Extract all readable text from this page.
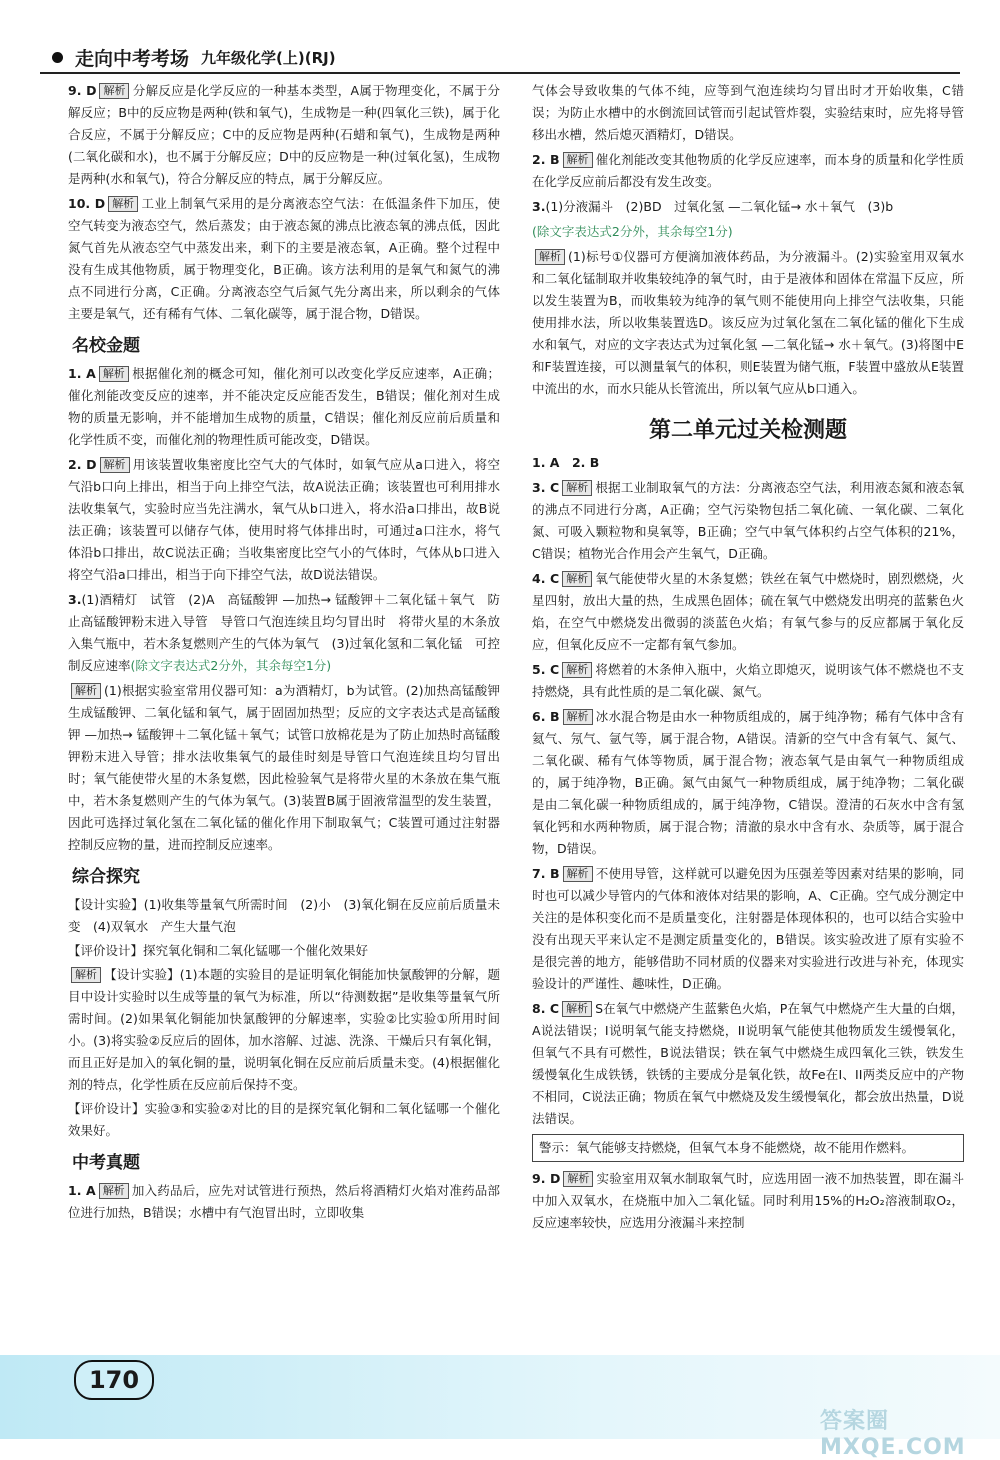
走向中考考场 九年级化学(上)(RJ)

9. D 解析 分解反应是化学反应的一种基本类型，A属于物理变化，不属于分解反应；B中的反应物是两种(铁和氧气)，生成物是一种(四氧化三铁)，属于化合反应，不属于分解反应；C中的反应物是两种(石蜡和氧气)，生成物是两种(二氧化碳和水)，也不属于分解反应；D中的反应物是一种(过氧化氢)，生成物是两种(水和氧气)，符合分解反应的特点，属于分解反应。

10. D 解析 工业上制氧气采用的是分离液态空气法：在低温条件下加压，使空气转变为液态空气，然后蒸发；由于液态氮的沸点比液态氧的沸点低，因此氮气首先从液态空气中蒸发出来，剩下的主要是液态氧，A正确。整个过程中没有生成其他物质，属于物理变化，B正确。该方法利用的是氧气和氮气的沸点不同进行分离，C正确。分离液态空气后氮气先分离出来，所以剩余的气体主要是氧气，还有稀有气体、二氧化碳等，属于混合物，D错误。

名校金题

1. A 解析 根据催化剂的概念可知，催化剂可以改变化学反应速率，A正确；催化剂能改变反应的速率，并不能决定反应能否发生，B错误；催化剂对生成物的质量无影响，并不能增加生成物的质量，C错误；催化剂反应前后质量和化学性质不变，而催化剂的物理性质可能改变，D错误。

2. D 解析 用该装置收集密度比空气大的气体时，如氧气应从a口进入，将空气沿b口向上排出，相当于向上排空气法，故A说法正确；该装置也可利用排水法收集氧气，实验时应当先注满水，氧气从b口进入，将水沿a口排出，故B说法正确；该装置可以储存气体，使用时将气体排出时，可通过a口注水，将气体沿b口排出，故C说法正确；当收集密度比空气小的气体时，气体从b口进入将空气沿a口排出，相当于向下排空气法，故D说法错误。

3.(1)酒精灯　试管　(2)A　高锰酸钾 —加热→ 锰酸钾＋二氧化锰＋氧气　防止高锰酸钾粉末进入导管　导管口气泡连续且均匀冒出时　将带火星的木条放入集气瓶中，若木条复燃则产生的气体为氧气　(3)过氧化氢和二氧化锰　可控制反应速率(除文字表达式2分外，其余每空1分)

解析 (1)根据实验室常用仪器可知：a为酒精灯，b为试管。(2)加热高锰酸钾生成锰酸钾、二氧化锰和氧气，属于固固加热型；反应的文字表达式是高锰酸钾 —加热→ 锰酸钾＋二氧化锰＋氧气；试管口放棉花是为了防止加热时高锰酸钾粉末进入导管；排水法收集氧气的最佳时刻是导管口气泡连续且均匀冒出时；氧气能使带火星的木条复燃，因此检验氧气是将带火星的木条放在集气瓶中，若木条复燃则产生的气体为氧气。(3)装置B属于固液常温型的发生装置，因此可选择过氧化氢在二氧化锰的催化作用下制取氧气；C装置可通过注射器控制反应物的量，进而控制反应速率。

综合探究

【设计实验】(1)收集等量氧气所需时间　(2)小　(3)氧化铜在反应前后质量未变　(4)双氧水　产生大量气泡

【评价设计】探究氧化铜和二氧化锰哪一个催化效果好

解析 【设计实验】(1)本题的实验目的是证明氧化铜能加快氯酸钾的分解，题目中设计实验时以生成等量的氧气为标准，所以“待测数据”是收集等量氧气所需时间。(2)如果氧化铜能加快氯酸钾的分解速率，实验②比实验①所用时间小。(3)将实验②反应后的固体，加水溶解、过滤、洗涤、干燥后只有氧化铜，而且正好是加入的氧化铜的量，说明氧化铜在反应前后质量未变。(4)根据催化剂的特点，化学性质在反应前后保持不变。

【评价设计】实验③和实验②对比的目的是探究氧化铜和二氧化锰哪一个催化效果好。

中考真题

1. A 解析 加入药品后，应先对试管进行预热，然后将酒精灯火焰对准药品部位进行加热，B错误；水槽中有气泡冒出时，立即收集

气体会导致收集的气体不纯，应等到气泡连续均匀冒出时才开始收集，C错误；为防止水槽中的水倒流回试管而引起试管炸裂，实验结束时，应先将导管移出水槽，然后熄灭酒精灯，D错误。

2. B 解析 催化剂能改变其他物质的化学反应速率，而本身的质量和化学性质在化学反应前后都没有发生改变。

3.(1)分液漏斗　(2)BD　过氧化氢 —二氧化锰→ 水＋氧气　(3)b

(除文字表达式2分外，其余每空1分)

解析 (1)标号①仪器可方便滴加液体药品，为分液漏斗。(2)实验室用双氧水和二氧化锰制取并收集较纯净的氧气时，由于是液体和固体在常温下反应，所以发生装置为B，而收集较为纯净的氧气则不能使用向上排空气法收集，只能使用排水法，所以收集装置选D。该反应为过氧化氢在二氧化锰的催化下生成水和氧气，对应的文字表达式为过氧化氢 —二氧化锰→ 水＋氧气。(3)将图中E和F装置连接，可以测量氧气的体积，则E装置为储气瓶，F装置中盛放从E装置中流出的水，而水只能从长管流出，所以氧气应从b口通入。

第二单元过关检测题

1. A　2. B

3. C 解析 根据工业制取氧气的方法：分离液态空气法，利用液态氮和液态氧的沸点不同进行分离，A正确；空气污染物包括二氧化硫、一氧化碳、二氧化氮、可吸入颗粒物和臭氧等，B正确；空气中氧气体积约占空气体积的21%，C错误；植物光合作用会产生氧气，D正确。

4. C 解析 氧气能使带火星的木条复燃；铁丝在氧气中燃烧时，剧烈燃烧，火星四射，放出大量的热，生成黑色固体；硫在氧气中燃烧发出明亮的蓝紫色火焰，在空气中燃烧发出微弱的淡蓝色火焰；有氧气参与的反应都属于氧化反应，但氧化反应不一定都有氧气参加。

5. C 解析 将燃着的木条伸入瓶中，火焰立即熄灭，说明该气体不燃烧也不支持燃烧，具有此性质的是二氧化碳、氮气。

6. B 解析 冰水混合物是由水一种物质组成的，属于纯净物；稀有气体中含有氦气、氖气、氩气等，属于混合物，A错误。清新的空气中含有氧气、氮气、二氧化碳、稀有气体等物质，属于混合物；液态氧气是由氧气一种物质组成的，属于纯净物，B正确。氮气由氮气一种物质组成，属于纯净物；二氧化碳是由二氧化碳一种物质组成的，属于纯净物，C错误。澄清的石灰水中含有氢氧化钙和水两种物质，属于混合物；清澈的泉水中含有水、杂质等，属于混合物，D错误。

7. B 解析 不使用导管，这样就可以避免因为压强差等因素对结果的影响，同时也可以减少导管内的气体和液体对结果的影响，A、C正确。空气成分测定中关注的是体积变化而不是质量变化，注射器是体现体积的，也可以结合实验中没有出现天平来认定不是测定质量变化的，B错误。该实验改进了原有实验不是很完善的地方，能够借助不同材质的仪器来对实验进行改进与补充，体现实验设计的严谨性、趣味性，D正确。

8. C 解析 S在氧气中燃烧产生蓝紫色火焰，P在氧气中燃烧产生大量的白烟，A说法错误；I说明氧气能支持燃烧，II说明氧气能使其他物质发生缓慢氧化，但氧气不具有可燃性，B说法错误；铁在氧气中燃烧生成四氧化三铁，铁发生缓慢氧化生成铁锈，铁锈的主要成分是氧化铁，故Fe在I、II两类反应中的产物不相同，C说法正确；物质在氧气中燃烧及发生缓慢氧化，都会放出热量，D说法错误。

警示：氧气能够支持燃烧，但氧气本身不能燃烧，故不能用作燃料。

9. D 解析 实验室用双氧水制取氧气时，应选用固一液不加热装置，即在漏斗中加入双氧水，在烧瓶中加入二氧化锰。同时利用15%的H₂O₂溶液制取O₂，反应速率较快，应选用分液漏斗来控制

170
答案圈 MXQE.COM
